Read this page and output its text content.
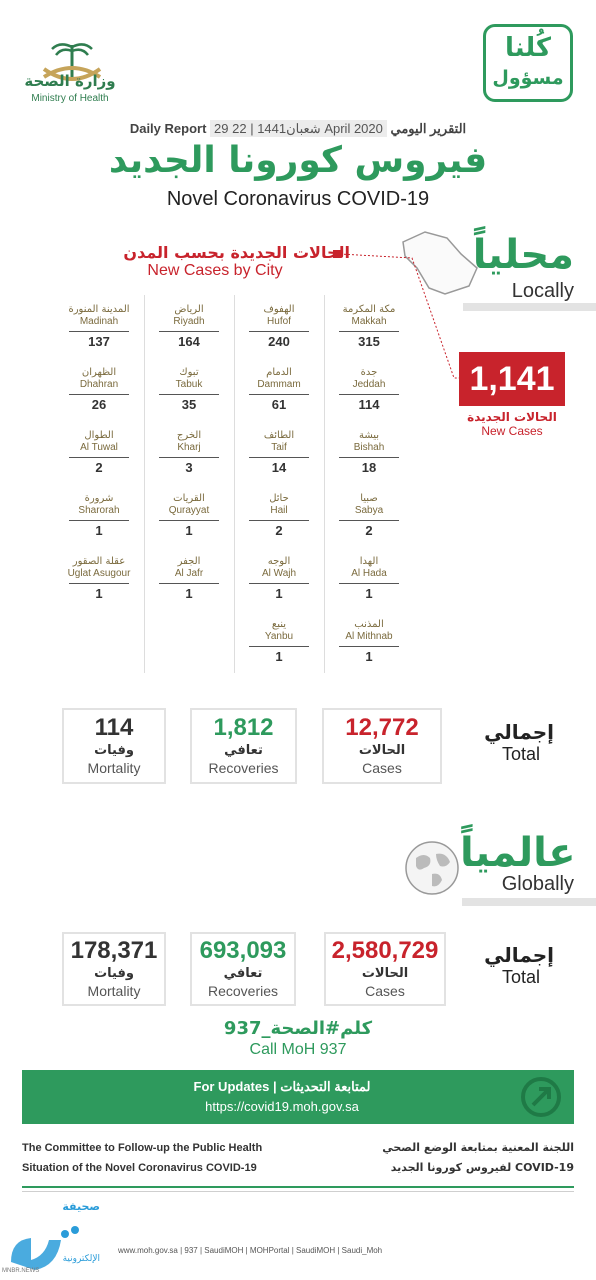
وزارة الصحة
Ministry of Health
كُلنا
مسؤول
Daily Report 29 شعبان1441 | 22 April 2020 التقرير اليومي
فيروس كورونا الجديد
Novel Coronavirus COVID-19
محلياً
Locally
الحالات الجديدة بحسب المدن
New Cases by City
1,141
الحالات الجديدة
New Cases
مكة المكرمة
Makkah
315
الهفوف
Hufof
240
الرياض
Riyadh
164
المدينة المنورة
Madinah
137
جدة
Jeddah
114
الدمام
Dammam
61
تبوك
Tabuk
35
الظهران
Dhahran
26
بيشة
Bishah
18
الطائف
Taif
14
الخرج
Kharj
3
الطوال
Al Tuwal
2
صبيا
Sabya
2
حائل
Hail
2
القريات
Qurayyat
1
شرورة
Sharorah
1
الهدا
Al Hada
1
الوجه
Al Wajh
1
الجفر
Al Jafr
1
عقلة الصقور
Uglat Asugour
1
المذنب
Al Mithnab
1
ينبع
Yanbu
1
إجمالي
Total
12,772
الحالات
Cases
1,812
تعافي
Recoveries
114
وفيات
Mortality
عالمياً
Globally
إجمالي
Total
2,580,729
الحالات
Cases
693,093
تعافي
Recoveries
178,371
وفيات
Mortality
كلم#الصحة_937
Call MoH 937
For Updates | لمتابعة التحديثات
https://covid19.moh.gov.sa
The Committee to Follow-up the Public Health
Situation of the Novel Coronavirus COVID-19
اللجنة المعنية بمتابعة الوضع الصحي
لفيروس كورونا الجديد COVID-19
www.moh.gov.sa | 937 | SaudiMOH | MOHPortal | SaudiMOH | Saudi_Moh
صحيفة
الإلكترونية
MNBR.NEWS
